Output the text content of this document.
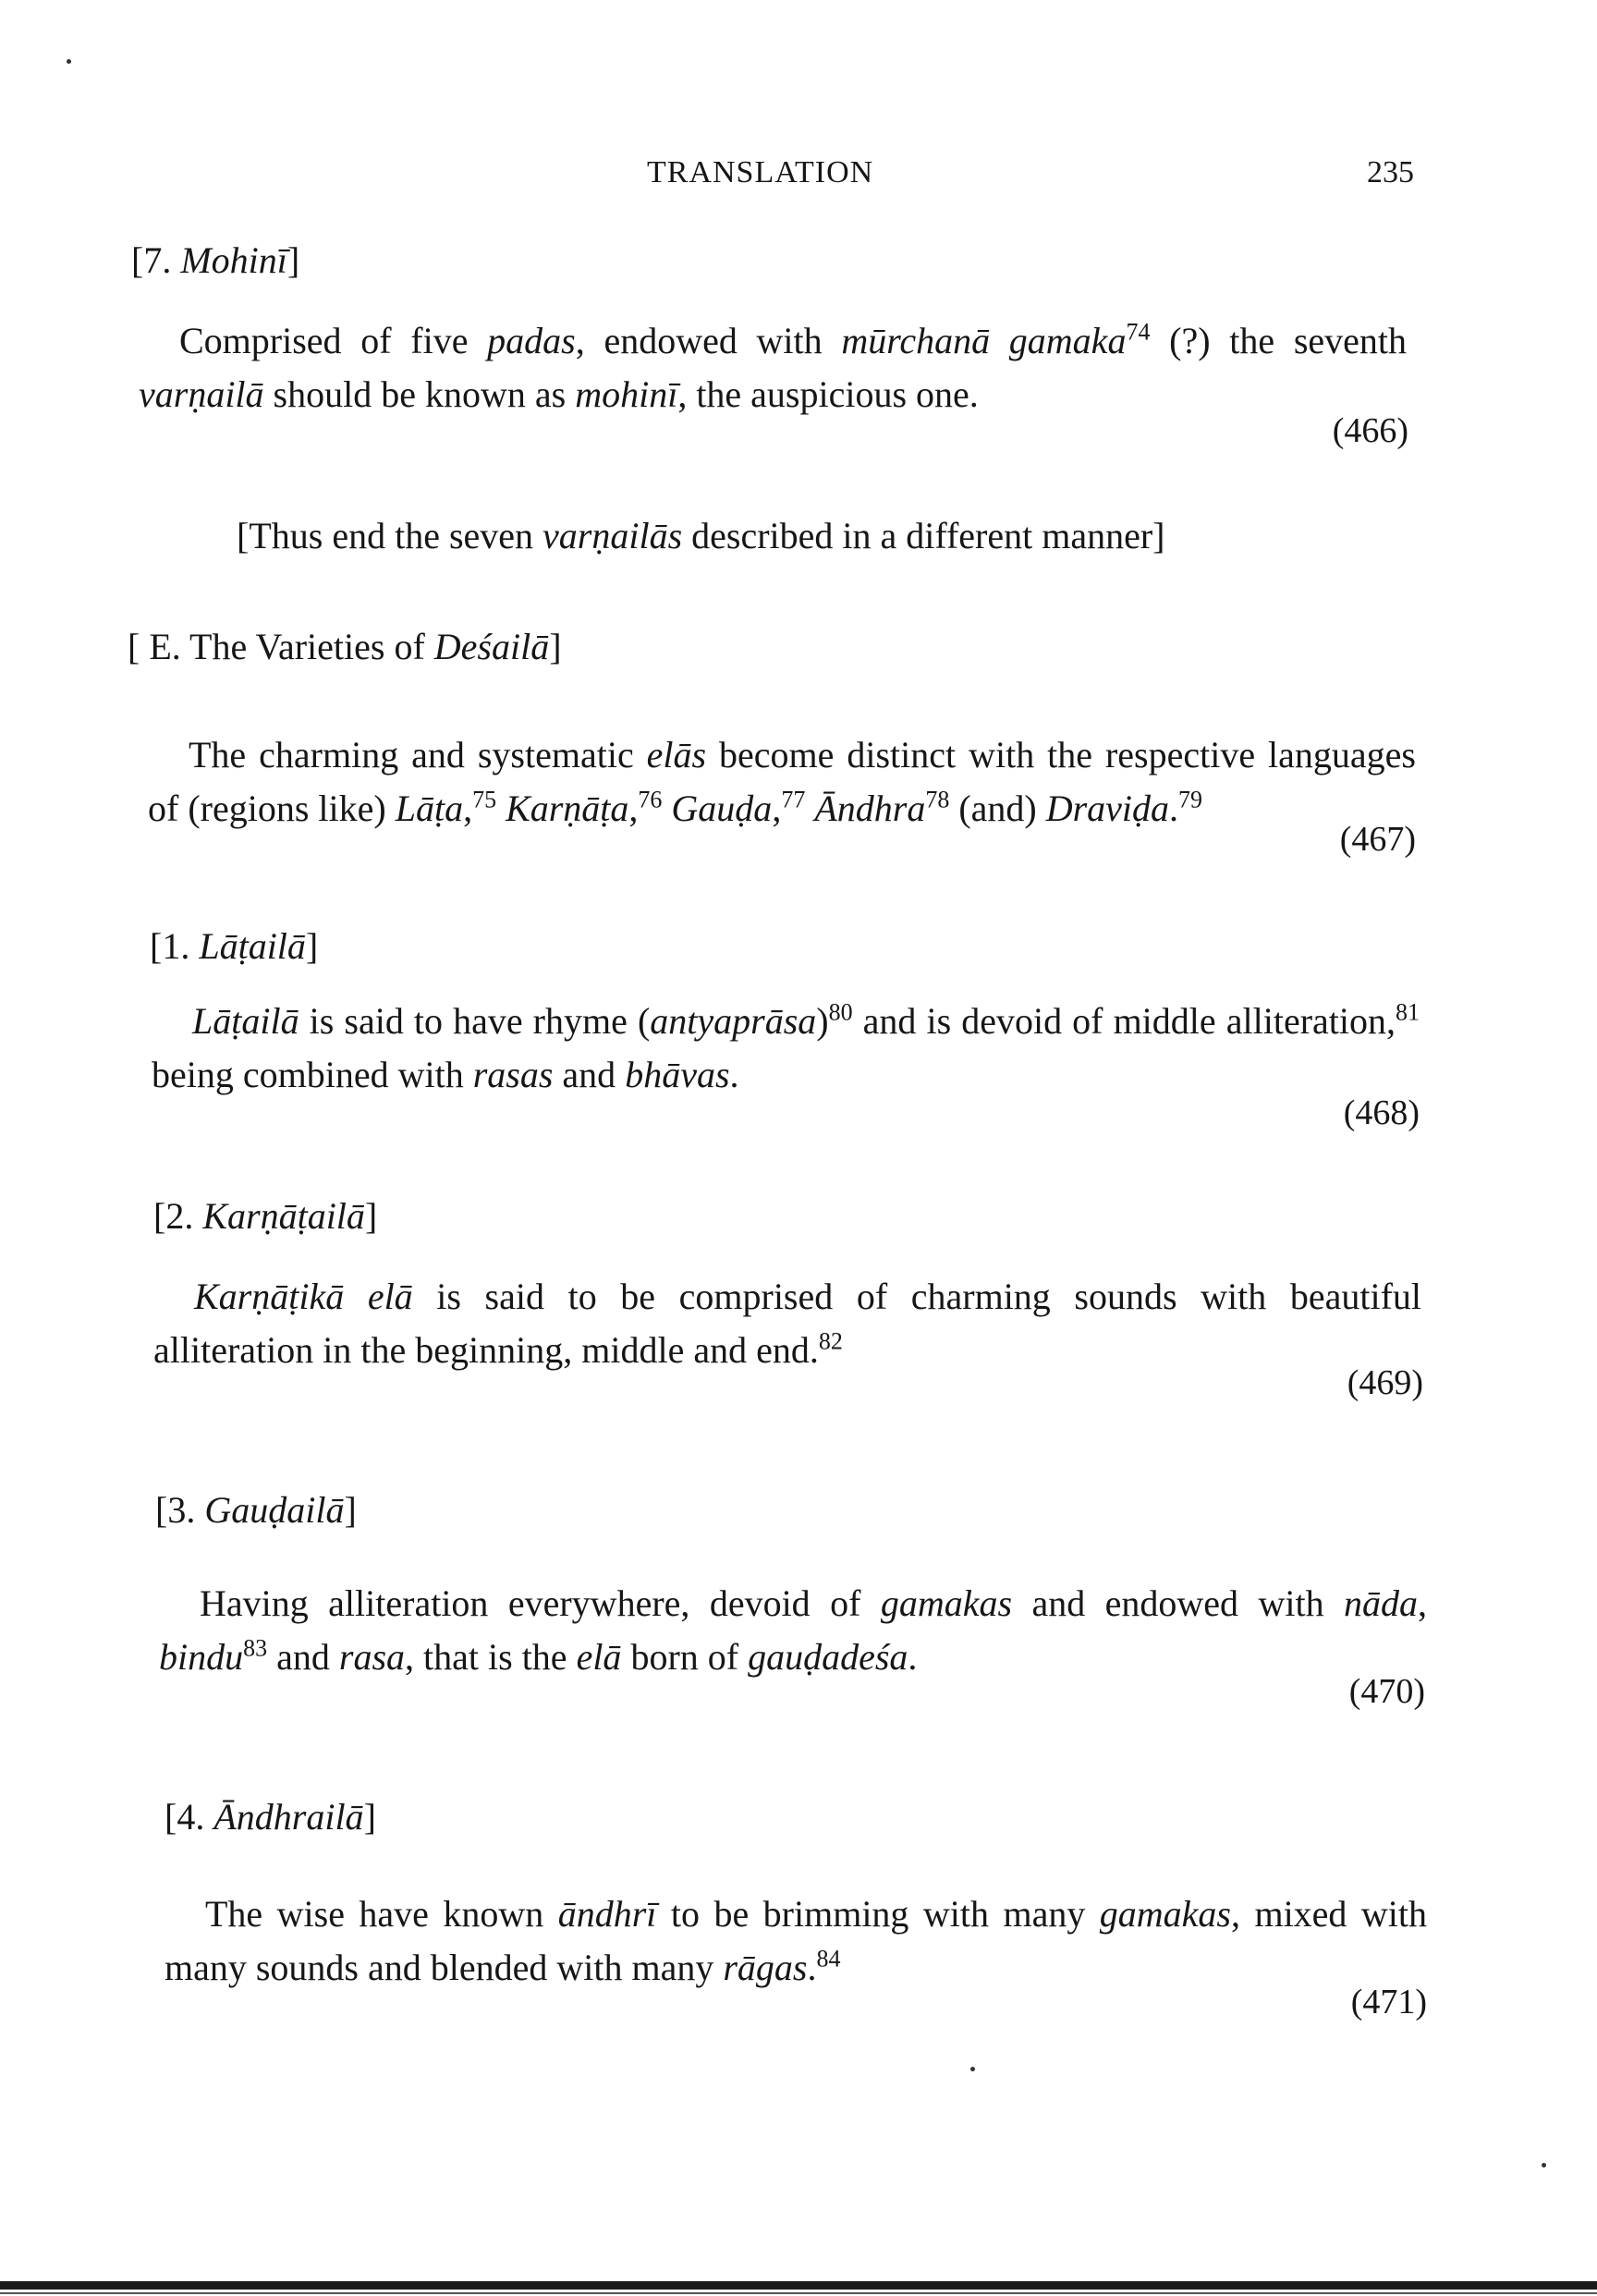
TRANSLATION	235
[7. Mohinī]

Comprised of five padas, endowed with mūrchanā gamaka$^{74}$ (?) the seventh varṇailā should be known as mohinī, the auspicious one.

(466)
[Thus end the seven varṇailās described in a different manner]
[ E. The Varieties of Deśailā]

The charming and systematic elās become distinct with the respective languages of (regions like) Lāṭa,$^{75}$ Karṇāṭa,$^{76}$ Gauḍa,$^{77}$ Āndhra$^{78}$ (and) Draviḍa.$^{79}$

(467)
[1. Lāṭailā]

Lāṭailā is said to have rhyme (antyaprāsa)$^{80}$ and is devoid of middle alliteration,$^{81}$ being combined with rasas and bhāvas.

(468)
[2. Karṇāṭailā]

Karṇāṭikā elā is said to be comprised of charming sounds with beautiful alliteration in the beginning, middle and end.$^{82}$

(469)
[3. Gauḍailā]

Having alliteration everywhere, devoid of gamakas and endowed with nāda, bindu$^{83}$ and rasa, that is the elā born of gauḍadeśa.

(470)
[4. Āndhrailā]

The wise have known āndhrī to be brimming with many gamakas, mixed with many sounds and blended with many rāgas.$^{84}$

(471)
